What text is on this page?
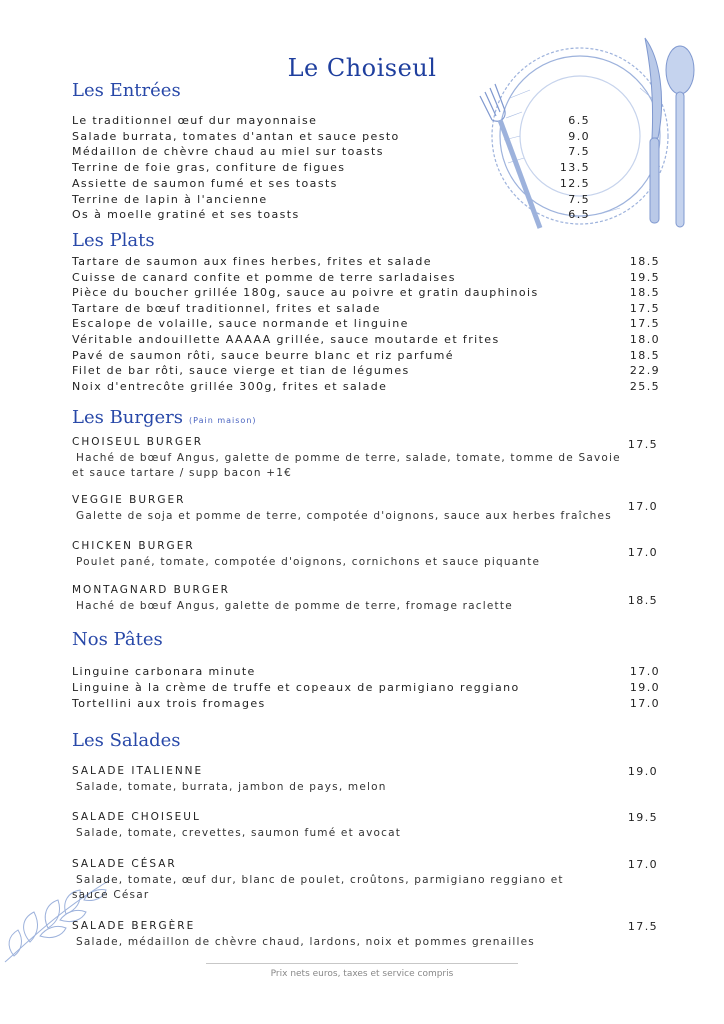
Le Choiseul
Les Entrées
Le traditionnel œuf dur mayonnaise	6.5
Salade burrata, tomates d'antan et sauce pesto	9.0
Médaillon de chèvre chaud au miel sur toasts	7.5
Terrine de foie gras, confiture de figues	13.5
Assiette de saumon fumé et ses toasts	12.5
Terrine de lapin à l'ancienne	7.5
Os à moelle gratiné et ses toasts	6.5
Les Plats
Tartare de saumon aux fines herbes, frites et salade	18.5
Cuisse de canard confite et pomme de terre sarladaises	19.5
Pièce du boucher grillée 180g, sauce au poivre et gratin dauphinois	18.5
Tartare de bœuf traditionnel, frites et salade	17.5
Escalope de volaille, sauce normande et linguine	17.5
Véritable andouillette AAAAA grillée, sauce moutarde et frites	18.0
Pavé de saumon rôti, sauce beurre blanc et riz parfumé	18.5
Filet de bar rôti, sauce vierge et tian de légumes	22.9
Noix d'entrecôte grillée 300g, frites et salade	25.5
Les Burgers (Pain maison)
CHOISEUL BURGER
Haché de bœuf Angus, galette de pomme de terre, salade, tomate, tomme de Savoie
et sauce tartare / supp bacon +1€
17.5
VEGGIE BURGER
Galette de soja et pomme de terre, compotée d'oignons, sauce aux herbes fraîches
17.0
CHICKEN BURGER
Poulet pané, tomate, compotée d'oignons, cornichons et sauce piquante
17.0
MONTAGNARD BURGER
Haché de bœuf Angus, galette de pomme de terre, fromage raclette	18.5
Nos Pâtes
Linguine carbonara minute	17.0
Linguine à la crème de truffe et copeaux de parmigiano reggiano	19.0
Tortellini aux trois fromages	17.0
Les Salades
SALADE ITALIENNE
Salade, tomate, burrata, jambon de pays, melon
19.0
SALADE CHOISEUL
Salade, tomate, crevettes, saumon fumé et avocat
19.5
SALADE CÉSAR
Salade, tomate, œuf dur, blanc de poulet, croûtons, parmigiano reggiano et
sauce César
17.0
SALADE BERGÈRE
Salade, médaillon de chèvre chaud, lardons, noix et pommes grenailles
17.5
Prix nets euros, taxes et service compris
